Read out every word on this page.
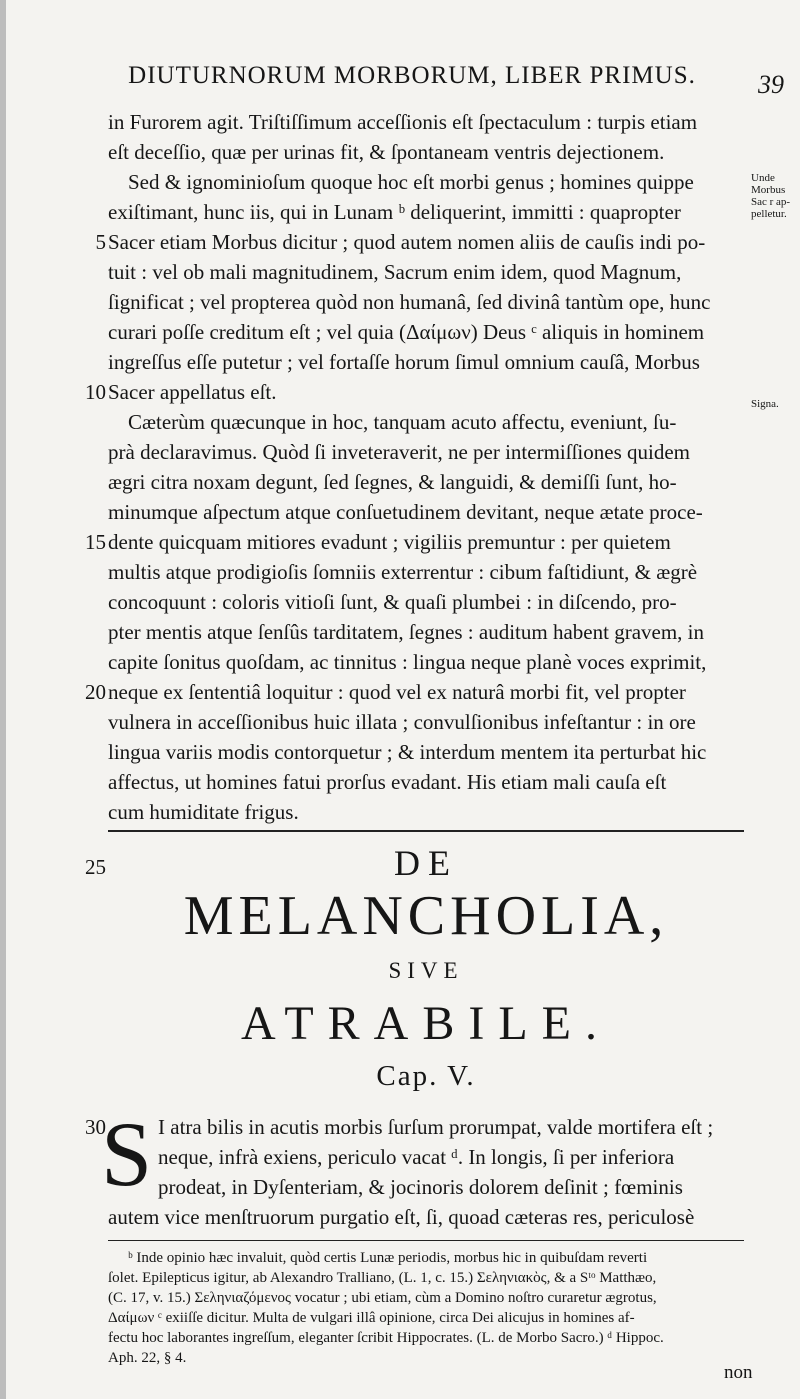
DIUTURNORUM MORBORUM, LIBER PRIMUS.	39
in Furorem agit. Triſtiſſimum acceſſionis eſt ſpectaculum : turpis etiam
eſt deceſſio, quæ per urinas fit, & ſpontaneam ventris dejectionem.
Sed & ignominioſum quoque hoc eſt morbi genus ; homines quippe
exiſtimant, hunc iis, qui in Lunam ᵇ deliquerint, immitti : quapropter
5 Sacer etiam Morbus dicitur ; quod autem nomen aliis de cauſis indi po-
tuit : vel ob mali magnitudinem, Sacrum enim idem, quod Magnum,
ſignificat ; vel propterea quòd non humanâ, ſed divinâ tantùm ope, hunc
curari poſſe creditum eſt ; vel quia (Δαίμων) Deus ᶜ aliquis in hominem
ingreſſus eſſe putetur ; vel fortaſſe horum ſimul omnium cauſâ, Morbus
10 Sacer appellatus eſt.
Cæterùm quæcunque in hoc, tanquam acuto affectu, eveniunt, ſu-
prà declaravimus. Quòd ſi inveteraverit, ne per intermiſſiones quidem
ægri citra noxam degunt, ſed ſegnes, & languidi, & demiſſi ſunt, ho-
minumque aſpectum atque conſuetudinem devitant, neque ætate proce-
15 dente quicquam mitiores evadunt ; vigiliis premuntur : per quietem
multis atque prodigioſis ſomniis exterrentur : cibum faſtidiunt, & ægrè
concoquunt : coloris vitioſi ſunt, & quaſi plumbei : in diſcendo, pro-
pter mentis atque ſenſûs tarditatem, ſegnes : auditum habent gravem, in
capite ſonitus quoſdam, ac tinnitus : lingua neque planè voces exprimit,
20 neque ex ſententiâ loquitur : quod vel ex naturâ morbi fit, vel propter
vulnera in acceſſionibus huic illata ; convulſionibus infeſtantur : in ore
lingua variis modis contorquetur ; & interdum mentem ita perturbat hic
affectus, ut homines fatui prorſus evadant. His etiam mali cauſa eſt
cum humiditate frigus.
Unde Morbus Sac r ap- pelletur.
Signa.
25	DE
MELANCHOLIA,
SIVE
ATRABILE.
Cap. V.
30
S I atra bilis in acutis morbis ſurſum prorumpat, valde mortifera eſt ;
neque, infrà exiens, periculo vacat ᵈ. In longis, ſi per inferiora
prodeat, in Dyſenteriam, & jocinoris dolorem deſinit ; fœminis
autem vice menſtruorum purgatio eſt, ſi, quoad cæteras res, periculosè
ᵇ Inde opinio hæc invaluit, quòd certis Lunæ periodis, morbus hic in quibuſdam reverti
ſolet. Epilepticus igitur, ab Alexandro Tralliano, (L. 1, c. 15.) Σεληνιακὸς, & a Sᵗᵒ Matthæo,
(C. 17, v. 15.) Σεληνιαζόμενος vocatur ; ubi etiam, cùm a Domino noſtro curaretur ægrotus,
Δαίμων ᶜ exiiſſe dicitur. Multa de vulgari illâ opinione, circa Dei alicujus in homines af-
fectu hoc laborantes ingreſſum, eleganter ſcribit Hippocrates. (L. de Morbo Sacro.) ᵈ Hippoc.
Aph. 22, § 4.
non
